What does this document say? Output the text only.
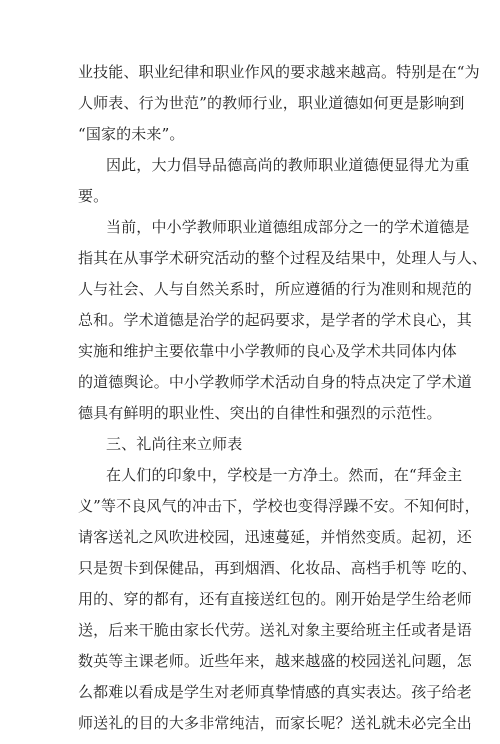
业技能、职业纪律和职业作风的要求越来越高。特别是在“为
人师表、行为世范”的教师行业，职业道德如何更是影响到
“国家的未来”。
因此，大力倡导品德高尚的教师职业道德便显得尤为重
要。
当前，中小学教师职业道德组成部分之一的学术道德是
指其在从事学术研究活动的整个过程及结果中，处理人与人、
人与社会、人与自然关系时，所应遵循的行为准则和规范的
总和。学术道德是治学的起码要求，是学者的学术良心，其
实施和维护主要依靠中小学教师的良心及学术共同体内体
的道德舆论。中小学教师学术活动自身的特点决定了学术道
德具有鲜明的职业性、突出的自律性和强烈的示范性。
三、礼尚往来立师表
在人们的印象中，学校是一方净土。然而，在“拜金主
义”等不良风气的冲击下，学校也变得浮躁不安。不知何时，
请客送礼之风吹进校园，迅速蔓延，并悄然变质。起初，还
只是贺卡到保健品，再到烟酒、化妆品、高档手机等 吃的、
用的、穿的都有，还有直接送红包的。刚开始是学生给老师
送，后来干脆由家长代劳。送礼对象主要给班主任或者是语
数英等主课老师。近些年来，越来越盛的校园送礼问题，怎
么都难以看成是学生对老师真挚情感的真实表达。孩子给老
师送礼的目的大多非常纯洁，而家长呢？送礼就未必完全出
